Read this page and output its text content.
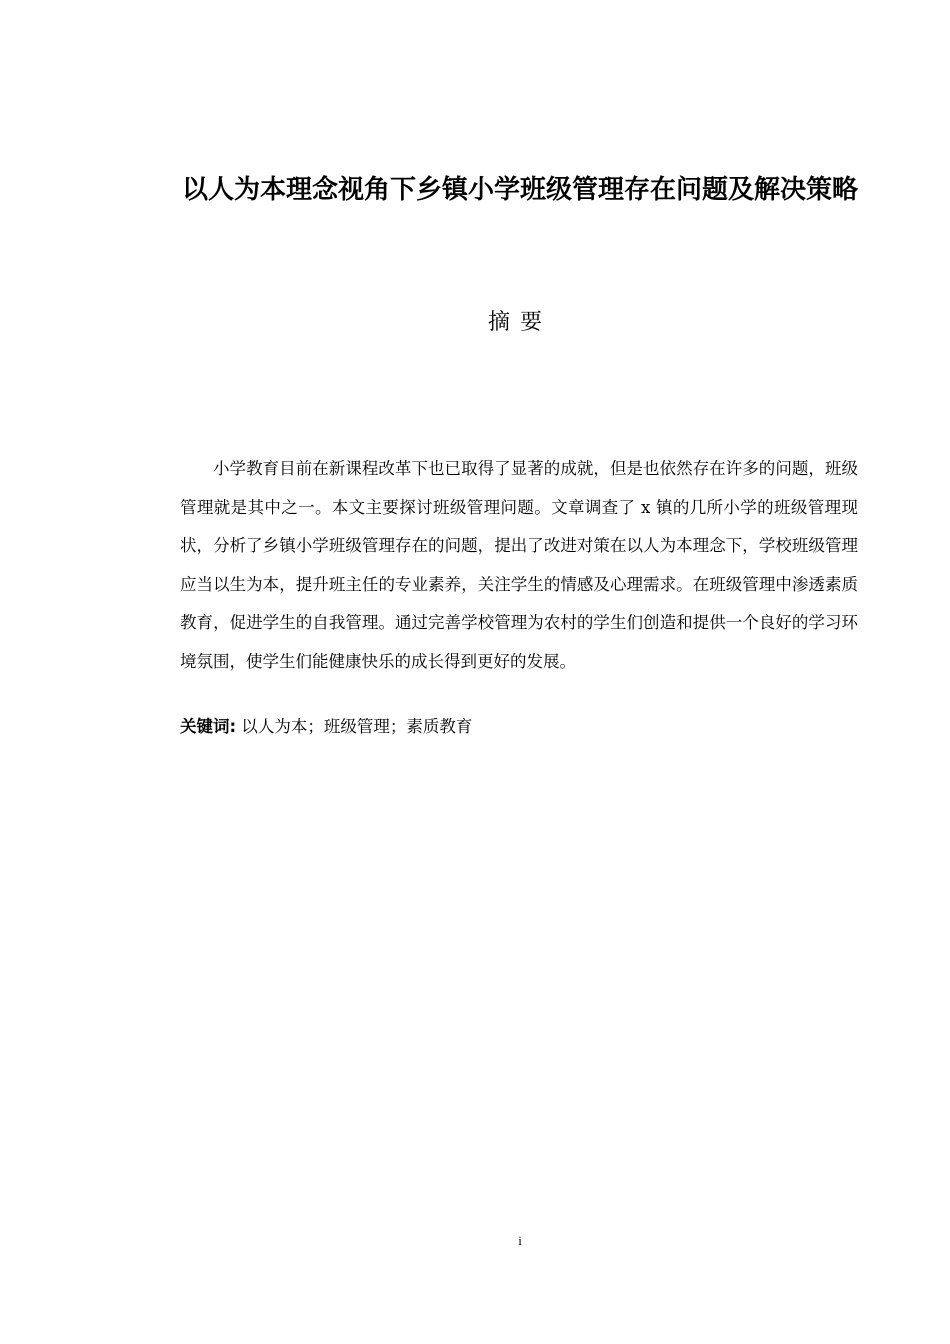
以人为本理念视角下乡镇小学班级管理存在问题及解决策略
摘要

小学教育目前在新课程改革下也已取得了显著的成就，但是也依然存在许多的问题，班级管理就是其中之一。本文主要探讨班级管理问题。文章调查了 x 镇的几所小学的班级管理现状，分析了乡镇小学班级管理存在的问题，提出了改进对策在以人为本理念下，学校班级管理应当以生为本，提升班主任的专业素养，关注学生的情感及心理需求。在班级管理中渗透素质教育，促进学生的自我管理。通过完善学校管理为农村的学生们创造和提供一个良好的学习环境氛围，使学生们能健康快乐的成长得到更好的发展。

关键词: 以人为本；班级管理；素质教育

i
